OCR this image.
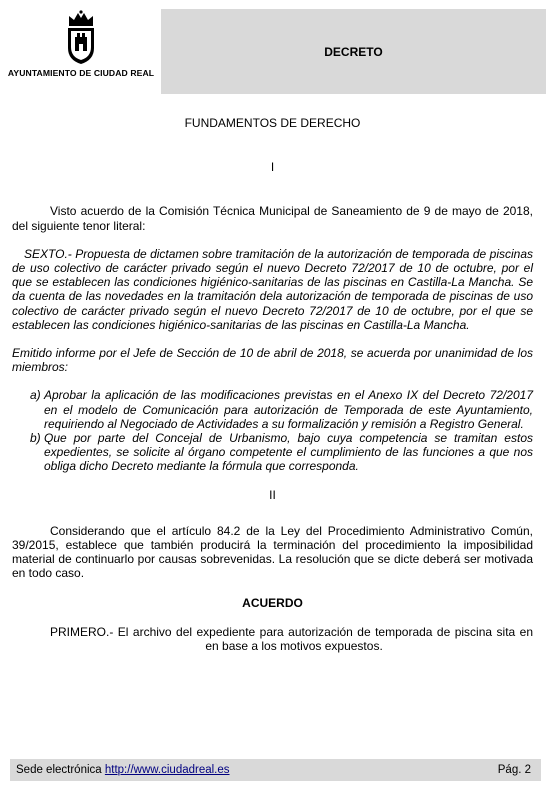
AYUNTAMIENTO DE CIUDAD REAL
DECRETO

FUNDAMENTOS DE DERECHO

I

Visto acuerdo de la Comisión Técnica Municipal de Saneamiento de 9 de mayo de 2018, del siguiente tenor literal:

SEXTO.- Propuesta de dictamen sobre tramitación de la autorización de temporada de piscinas de uso colectivo de carácter privado según el nuevo Decreto 72/2017 de 10 de octubre, por el que se establecen las condiciones higiénico-sanitarias de las piscinas en Castilla-La Mancha. Se da cuenta de las novedades en la tramitación dela autorización de temporada de piscinas de uso colectivo de carácter privado según el nuevo Decreto 72/2017 de 10 de octubre, por el que se establecen las condiciones higiénico-sanitarias de las piscinas en Castilla-La Mancha.

Emitido informe por el Jefe de Sección de 10 de abril de 2018, se acuerda por unanimidad de los miembros:

a) Aprobar la aplicación de las modificaciones previstas en el Anexo IX del Decreto 72/2017 en el modelo de Comunicación para autorización de Temporada de este Ayuntamiento, requiriendo al Negociado de Actividades a su formalización y remisión a Registro General.
b) Que por parte del Concejal de Urbanismo, bajo cuya competencia se tramitan estos expedientes, se solicite al órgano competente el cumplimiento de las funciones a que nos obliga dicho Decreto mediante la fórmula que corresponda.

II

Considerando que el artículo 84.2 de la Ley del Procedimiento Administrativo Común, 39/2015, establece que también producirá la terminación del procedimiento la imposibilidad material de continuarlo por causas sobrevenidas. La resolución que se dicte deberá ser motivada en todo caso.

ACUERDO

PRIMERO.- El archivo del expediente para autorización de temporada de piscina sita en  en base a los motivos expuestos.

Sede electrónica http://www.ciudadreal.es	Pág. 2
